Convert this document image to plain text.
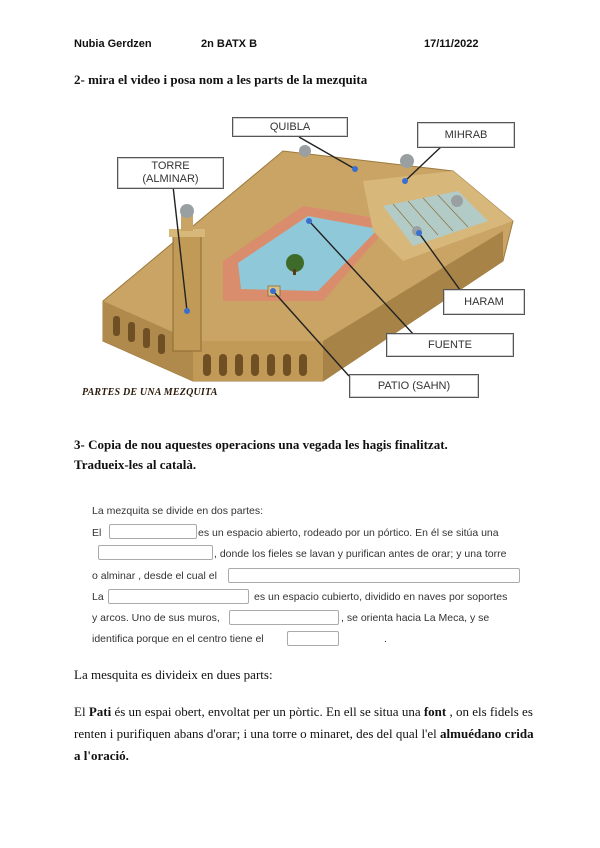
Nubia Gerdzen	2n BATX B	17/11/2022
2- mira el video i posa nom a les parts de la mezquita
QUIBLA
MIHRAB
TORRE
(ALMINAR)
HARAM
FUENTE
PATIO (SAHN)
PARTES DE UNA MEZQUITA
3- Copia de nou aquestes operacions una vegada les hagis finalitzat.
Tradueix-les al català.
La mezquita se divide en dos partes:
El	es un espacio abierto, rodeado por un pórtico. En él se sitúa una
, donde los fieles se lavan y purifican antes de orar; y una torre
o alminar , desde el cual el
La	es un espacio cubierto, dividido en naves por soportes
y arcos. Uno de sus muros,	, se orienta hacia La Meca, y se
identifica porque en el centro tiene el	.
La mesquita es divideix en dues parts:
El Pati és un espai obert, envoltat per un pòrtic. En ell se situa una font , on els fidels es renten i purifiquen abans d'orar; i una torre o minaret, des del qual l'el almuédano crida a l'oració.
